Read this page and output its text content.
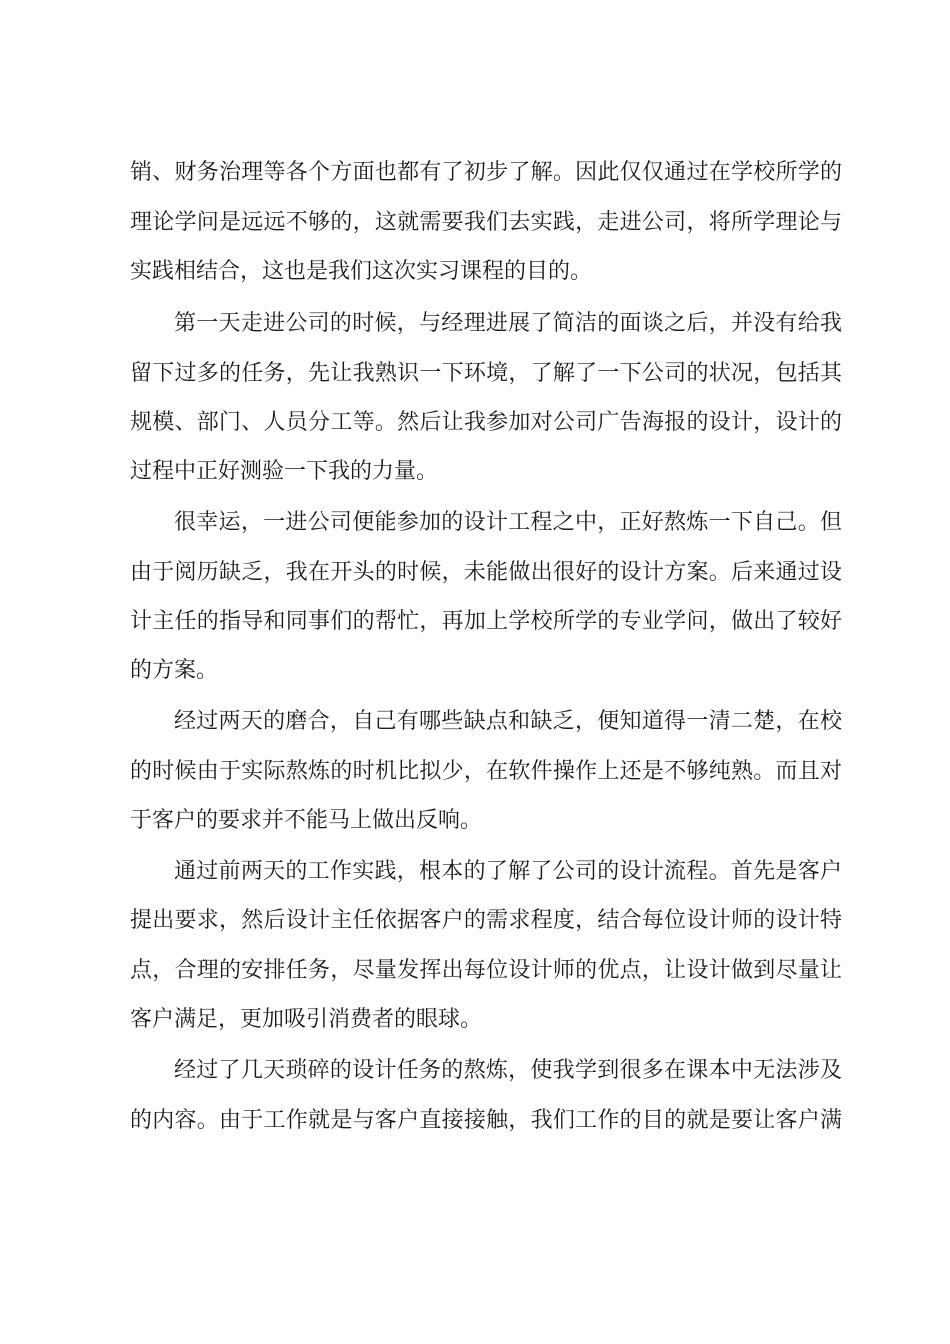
销、财务治理等各个方面也都有了初步了解。因此仅仅通过在学校所学的
理论学问是远远不够的，这就需要我们去实践，走进公司，将所学理论与
实践相结合，这也是我们这次实习课程的目的。
第一天走进公司的时候，与经理进展了简洁的面谈之后，并没有给我
留下过多的任务，先让我熟识一下环境，了解了一下公司的状况，包括其
规模、部门、人员分工等。然后让我参加对公司广告海报的设计，设计的
过程中正好测验一下我的力量。
很幸运，一进公司便能参加的设计工程之中，正好熬炼一下自己。但
由于阅历缺乏，我在开头的时候，未能做出很好的设计方案。后来通过设
计主任的指导和同事们的帮忙，再加上学校所学的专业学问，做出了较好
的方案。
经过两天的磨合，自己有哪些缺点和缺乏，便知道得一清二楚，在校
的时候由于实际熬炼的时机比拟少，在软件操作上还是不够纯熟。而且对
于客户的要求并不能马上做出反响。
通过前两天的工作实践，根本的了解了公司的设计流程。首先是客户
提出要求，然后设计主任依据客户的需求程度，结合每位设计师的设计特
点，合理的安排任务，尽量发挥出每位设计师的优点，让设计做到尽量让
客户满足，更加吸引消费者的眼球。
经过了几天琐碎的设计任务的熬炼，使我学到很多在课本中无法涉及
的内容。由于工作就是与客户直接接触，我们工作的目的就是要让客户满
